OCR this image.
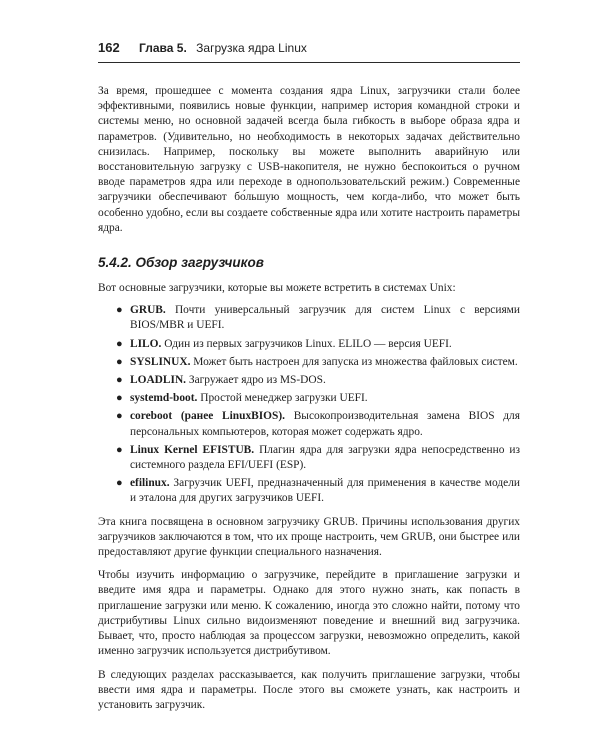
162 Глава 5. Загрузка ядра Linux

За время, прошедшее с момента создания ядра Linux, загрузчики стали более эффективными, появились новые функции, например история командной строки и системы меню, но основной задачей всегда была гибкость в выборе образа ядра и параметров. (Удивительно, но необходимость в некоторых задачах действительно снизилась. Например, поскольку вы можете выполнить аварийную или восстановительную загрузку с USB-накопителя, не нужно беспокоиться о ручном вводе параметров ядра или переходе в однопользовательский режим.) Современные загрузчики обеспечивают бо́льшую мощность, чем когда-либо, что может быть особенно удобно, если вы создаете собственные ядра или хотите настроить параметры ядра.

5.4.2. Обзор загрузчиков

Вот основные загрузчики, которые вы можете встретить в системах Unix:

● GRUB. Почти универсальный загрузчик для систем Linux с версиями BIOS/MBR и UEFI.
● LILO. Один из первых загрузчиков Linux. ELILO — версия UEFI.
● SYSLINUX. Может быть настроен для запуска из множества файловых систем.
● LOADLIN. Загружает ядро из MS-DOS.
● systemd-boot. Простой менеджер загрузки UEFI.
● coreboot (ранее LinuxBIOS). Высокопроизводительная замена BIOS для персональных компьютеров, которая может содержать ядро.
● Linux Kernel EFISTUB. Плагин ядра для загрузки ядра непосредственно из системного раздела EFI/UEFI (ESP).
● efilinux. Загрузчик UEFI, предназначенный для применения в качестве модели и эталона для других загрузчиков UEFI.

Эта книга посвящена в основном загрузчику GRUB. Причины использования других загрузчиков заключаются в том, что их проще настроить, чем GRUB, они быстрее или предоставляют другие функции специального назначения.

Чтобы изучить информацию о загрузчике, перейдите в приглашение загрузки и введите имя ядра и параметры. Однако для этого нужно знать, как попасть в приглашение загрузки или меню. К сожалению, иногда это сложно найти, потому что дистрибутивы Linux сильно видоизменяют поведение и внешний вид загрузчика. Бывает, что, просто наблюдая за процессом загрузки, невозможно определить, какой именно загрузчик используется дистрибутивом.

В следующих разделах рассказывается, как получить приглашение загрузки, чтобы ввести имя ядра и параметры. После этого вы сможете узнать, как настроить и установить загрузчик.
